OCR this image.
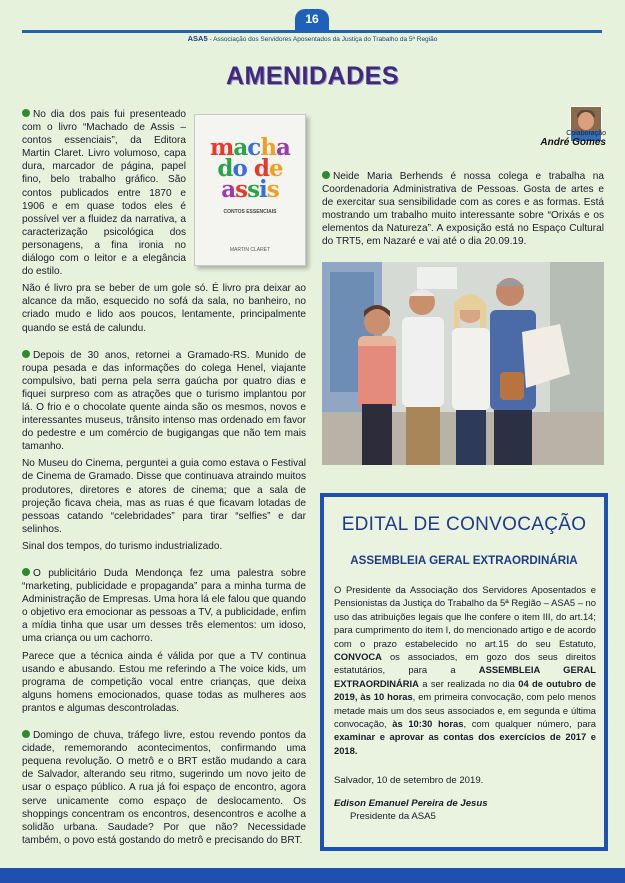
16
ASA5 - Associação dos Servidores Aposentados da Justiça do Trabalho da 5ª Região
AMENIDADES
Colaboração
André Gomes
macha
do de
assis
CONTOS ESSENCIAIS
MARTIN CLARET

No dia dos pais fui presenteado com o livro “Machado de Assis – contos essenciais”, da Editora Martin Claret. Livro volumoso, capa dura, marcador de página, papel fino, belo trabalho gráfico. São contos publicados entre 1870 e 1906 e em quase todos eles é possível ver a fluidez da narrativa, a caracterização psicológica dos personagens, a fina ironia no diálogo com o leitor e a elegância do estilo.

Não é livro pra se beber de um gole só. É livro pra deixar ao alcance da mão, esquecido no sofá da sala, no banheiro, no criado mudo e lido aos poucos, lentamente, principalmente quando se está de calundu.

Depois de 30 anos, retornei a Gramado-RS. Munido de roupa pesada e das informações do colega Henel, viajante compulsivo, bati perna pela serra gaúcha por quatro dias e fiquei surpreso com as atrações que o turismo implantou por lá. O frio e o chocolate quente ainda são os mesmos, novos e interessantes museus, trânsito intenso mas ordenado em favor do pedestre e um comércio de bugigangas que não tem mais tamanho.

No Museu do Cinema, perguntei a guia como estava o Festival de Cinema de Gramado. Disse que continuava atraindo muitos produtores, diretores e atores de cinema; que a sala de projeção ficava cheia, mas as ruas é que ficavam lotadas de pessoas catando “celebridades” para tirar “selfies” e dar selinhos.

Sinal dos tempos, do turismo industrializado.

O publicitário Duda Mendonça fez uma palestra sobre “marketing, publicidade e propaganda” para a minha turma de Administração de Empresas. Uma hora lá ele falou que quando o objetivo era emocionar as pessoas a TV, a publicidade, enfim a mídia tinha que usar um desses três elementos: um idoso, uma criança ou um cachorro.

Parece que a técnica ainda é válida por que a TV continua usando e abusando. Estou me referindo a The voice kids, um programa de competição vocal entre crianças, que deixa alguns homens emocionados, quase todas as mulheres aos prantos e algumas descontroladas.

Domingo de chuva, tráfego livre, estou revendo pontos da cidade, rememorando acontecimentos, confirmando uma pequena revolução. O metrô e o BRT estão mudando a cara de Salvador, alterando seu ritmo, sugerindo um novo jeito de usar o espaço público. A rua já foi espaço de encontro, agora serve unicamente como espaço de deslocamento. Os shoppings concentram os encontros, desencontros e acolhe a solidão urbana. Saudade? Por que não? Necessidade também, o povo está gostando do metrô e precisando do BRT.

Neide Maria Berhends é nossa colega e trabalha na Coordenadoria Administrativa de Pessoas. Gosta de artes e de exercitar sua sensibilidade com as cores e as formas. Está mostrando um trabalho muito interessante sobre “Orixás e os elementos da Natureza”. A exposição está no Espaço Cultural do TRT5, em Nazaré e vai até o dia 20.09.19.
EDITAL DE CONVOCAÇÃO
ASSEMBLEIA GERAL EXTRAORDINÁRIA
O Presidente da Associação dos Servidores Aposentados e Pensionistas da Justiça do Trabalho da 5ª Região – ASA5 – no uso das atribuições legais que lhe confere o item III, do art.14; para cumprimento do item I, do mencionado artigo e de acordo com o prazo estabelecido no art.15 do seu Estatuto, CONVOCA os associados, em gozo dos seus direitos estatutários, para a ASSEMBLEIA GERAL EXTRAORDINÁRIA a ser realizada no dia 04 de outubro de 2019, às 10 horas, em primeira convocação, com pelo menos metade mais um dos seus associados e, em segunda e última convocação, às 10:30 horas, com qualquer número, para examinar e aprovar as contas dos exercícios de 2017 e 2018.
Salvador, 10 de setembro de 2019.
Edison Emanuel Pereira de Jesus
Presidente da ASA5
